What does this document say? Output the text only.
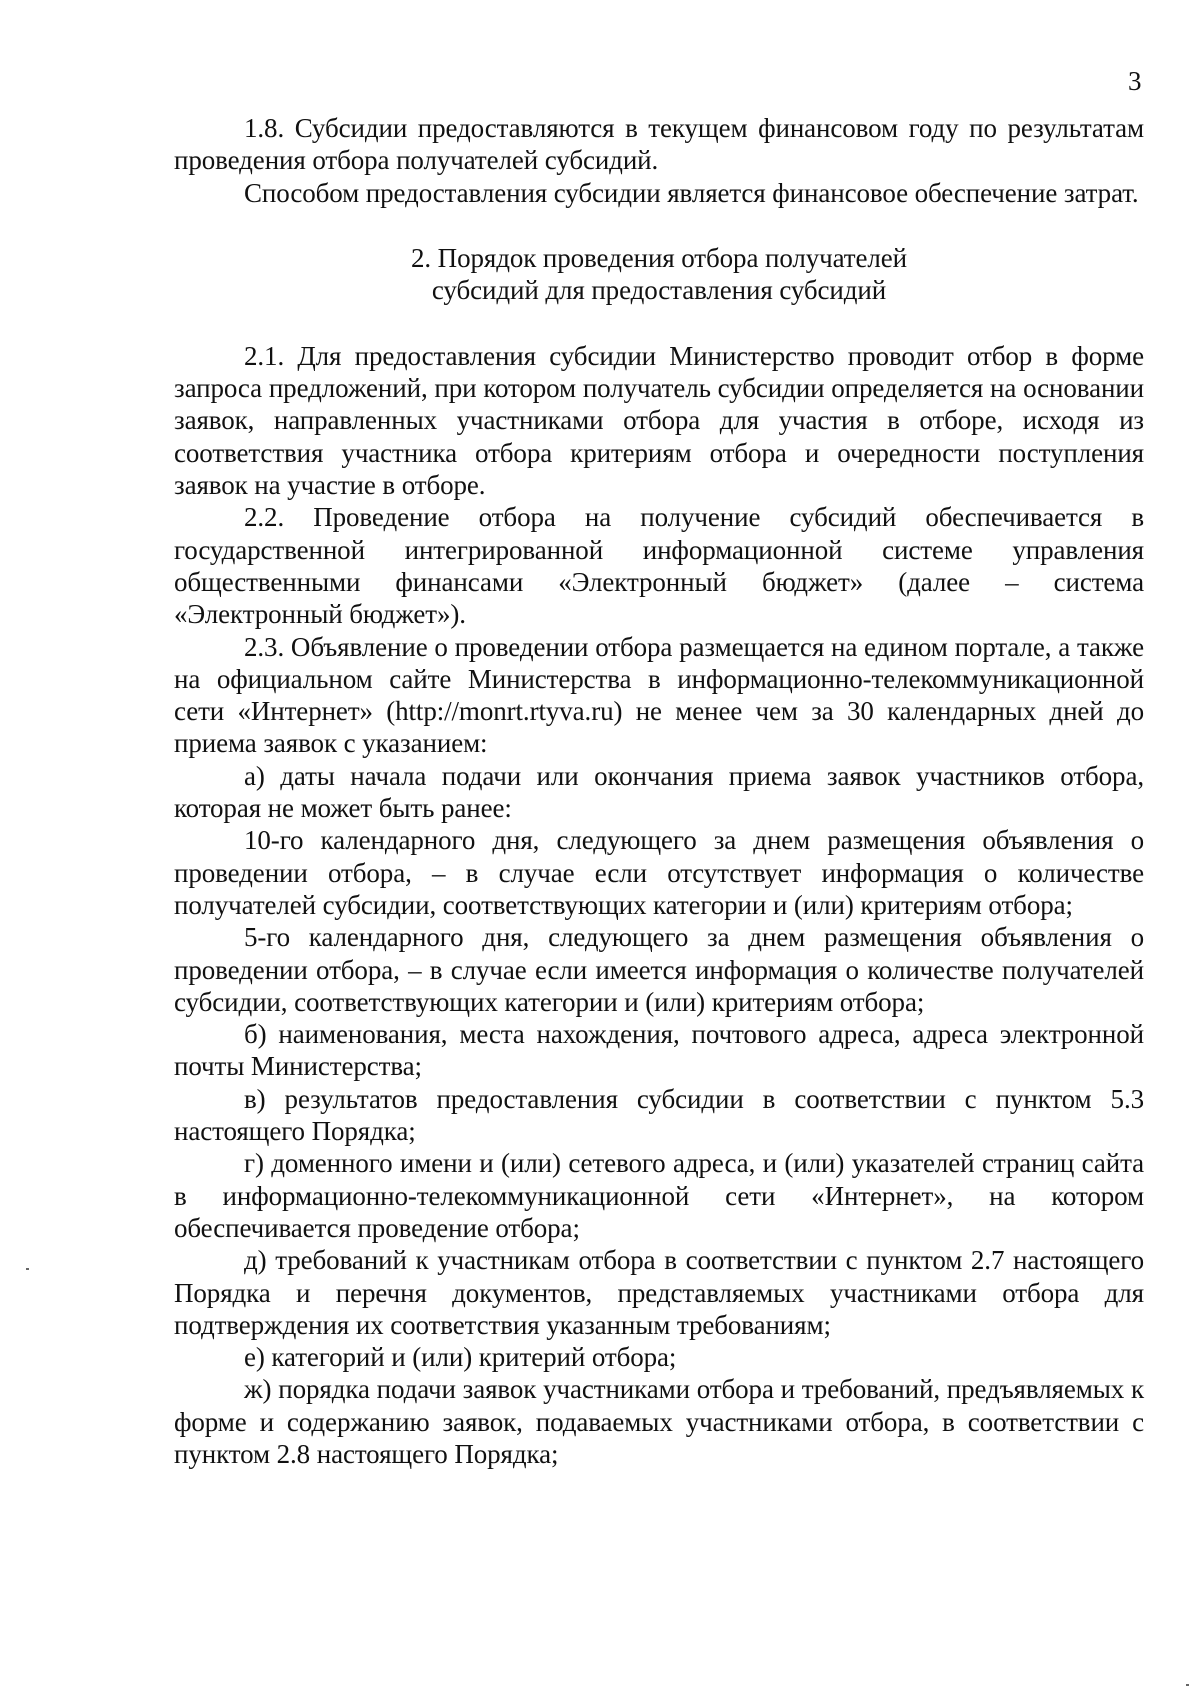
3

1.8. Субсидии предоставляются в текущем финансовом году по результатам проведения отбора получателей субсидий.

Способом предоставления субсидии является финансовое обеспечение затрат.

2. Порядок проведения отбора получателей
субсидий для предоставления субсидий

2.1. Для предоставления субсидии Министерство проводит отбор в форме запроса предложений, при котором получатель субсидии определяется на основании заявок, направленных участниками отбора для участия в отборе, исходя из соответствия участника отбора критериям отбора и очередности поступления заявок на участие в отборе.

2.2. Проведение отбора на получение субсидий обеспечивается в государственной интегрированной информационной системе управления общественными финансами «Электронный бюджет» (далее – система «Электронный бюджет»).

2.3. Объявление о проведении отбора размещается на едином портале, а также на официальном сайте Министерства в информационно-телекоммуникационной сети «Интернет» (http://monrt.rtyva.ru) не менее чем за 30 календарных дней до приема заявок с указанием:

а) даты начала подачи или окончания приема заявок участников отбора, которая не может быть ранее:

10-го календарного дня, следующего за днем размещения объявления о проведении отбора, – в случае если отсутствует информация о количестве получателей субсидии, соответствующих категории и (или) критериям отбора;

5-го календарного дня, следующего за днем размещения объявления о проведении отбора, – в случае если имеется информация о количестве получателей субсидии, соответствующих категории и (или) критериям отбора;

б) наименования, места нахождения, почтового адреса, адреса электронной почты Министерства;

в) результатов предоставления субсидии в соответствии с пунктом 5.3 настоящего Порядка;

г) доменного имени и (или) сетевого адреса, и (или) указателей страниц сайта в информационно-телекоммуникационной сети «Интернет», на котором обеспечивается проведение отбора;

д) требований к участникам отбора в соответствии с пунктом 2.7 настоящего Порядка и перечня документов, представляемых участниками отбора для подтверждения их соответствия указанным требованиям;

е) категорий и (или) критерий отбора;

ж) порядка подачи заявок участниками отбора и требований, предъявляемых к форме и содержанию заявок, подаваемых участниками отбора, в соответствии с пунктом 2.8 настоящего Порядка;
